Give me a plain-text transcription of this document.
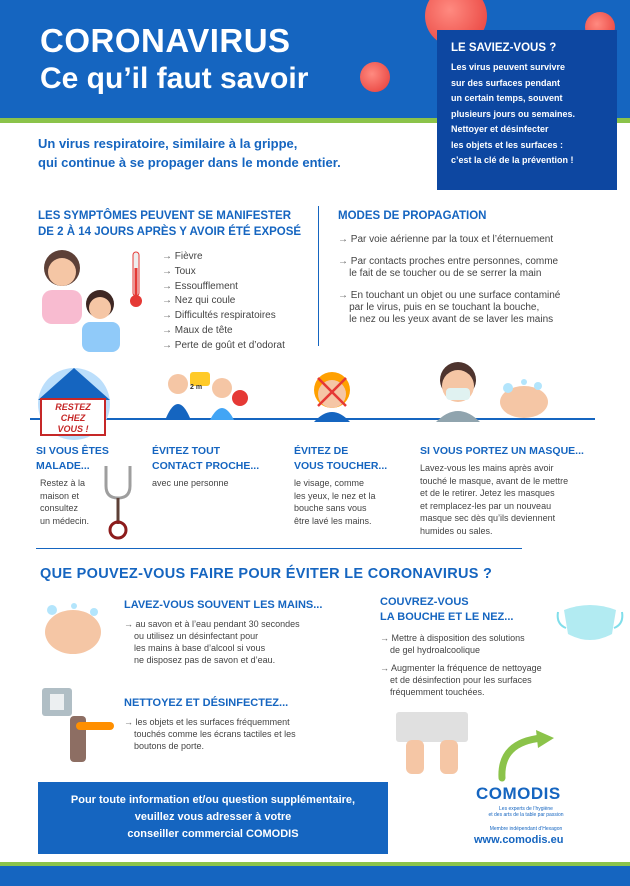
CORONAVIRUS
Ce qu’il faut savoir
LE SAVIEZ-VOUS ?

Les virus peuvent survivre
sur des surfaces pendant
un certain temps, souvent
plusieurs jours ou semaines.
Nettoyer et désinfecter
les objets et les surfaces :
c’est la clé de la prévention !

Un virus respiratoire, similaire à la grippe,
qui continue à se propager dans le monde entier.
LES SYMPTÔMES PEUVENT SE MANIFESTER
DE 2 À 14 JOURS APRÈS Y AVOIR ÉTÉ EXPOSÉ
→ Fièvre
→ Toux
→ Essoufflement
→ Nez qui coule
→ Difficultés respiratoires
→ Maux de tête
→ Perte de goût et d’odorat
MODES DE PROPAGATION
→ Par voie aérienne par la toux et l’éternuement
→ Par contacts proches entre personnes, comme
le fait de se toucher ou de se serrer la main
→ En touchant un objet ou une surface contaminé
par le virus, puis en se touchant la bouche,
le nez ou les yeux avant de se laver les mains
RESTEZ
CHEZ
VOUS !
2 m
SI VOUS ÊTES
MALADE...
Restez à la
maison et
consultez
un médecin.
ÉVITEZ TOUT
CONTACT PROCHE...
avec une personne
ÉVITEZ DE
VOUS TOUCHER...
le visage, comme
les yeux, le nez et la
bouche sans vous
être lavé les mains.
SI VOUS PORTEZ UN MASQUE...
Lavez-vous les mains après avoir
touché le masque, avant de le mettre
et de le retirer. Jetez les masques
et remplacez-les par un nouveau
masque sec dès qu’ils deviennent
humides ou sales.
QUE POUVEZ-VOUS FAIRE POUR ÉVITER LE CORONAVIRUS ?
LAVEZ-VOUS SOUVENT LES MAINS...
→ au savon et à l’eau pendant 30 secondes
ou utilisez un désinfectant pour
les mains à base d’alcool si vous
ne disposez pas de savon et d’eau.
NETTOYEZ ET DÉSINFECTEZ...
→ les objets et les surfaces fréquemment
touchés comme les écrans tactiles et les
boutons de porte.
COUVREZ-VOUS
LA BOUCHE ET LE NEZ...
→ Mettre à disposition des solutions
de gel hydroalcoolique
→ Augmenter la fréquence de nettoyage
et de désinfection pour les surfaces
fréquemment touchées.
Pour toute information et/ou question supplémentaire,
veuillez vous adresser à votre
conseiller commercial COMODIS
COMODIS
Les experts de l’hygiène
et des arts de la table par passion
Membre indépendant d’Hexagon
www.comodis.eu
